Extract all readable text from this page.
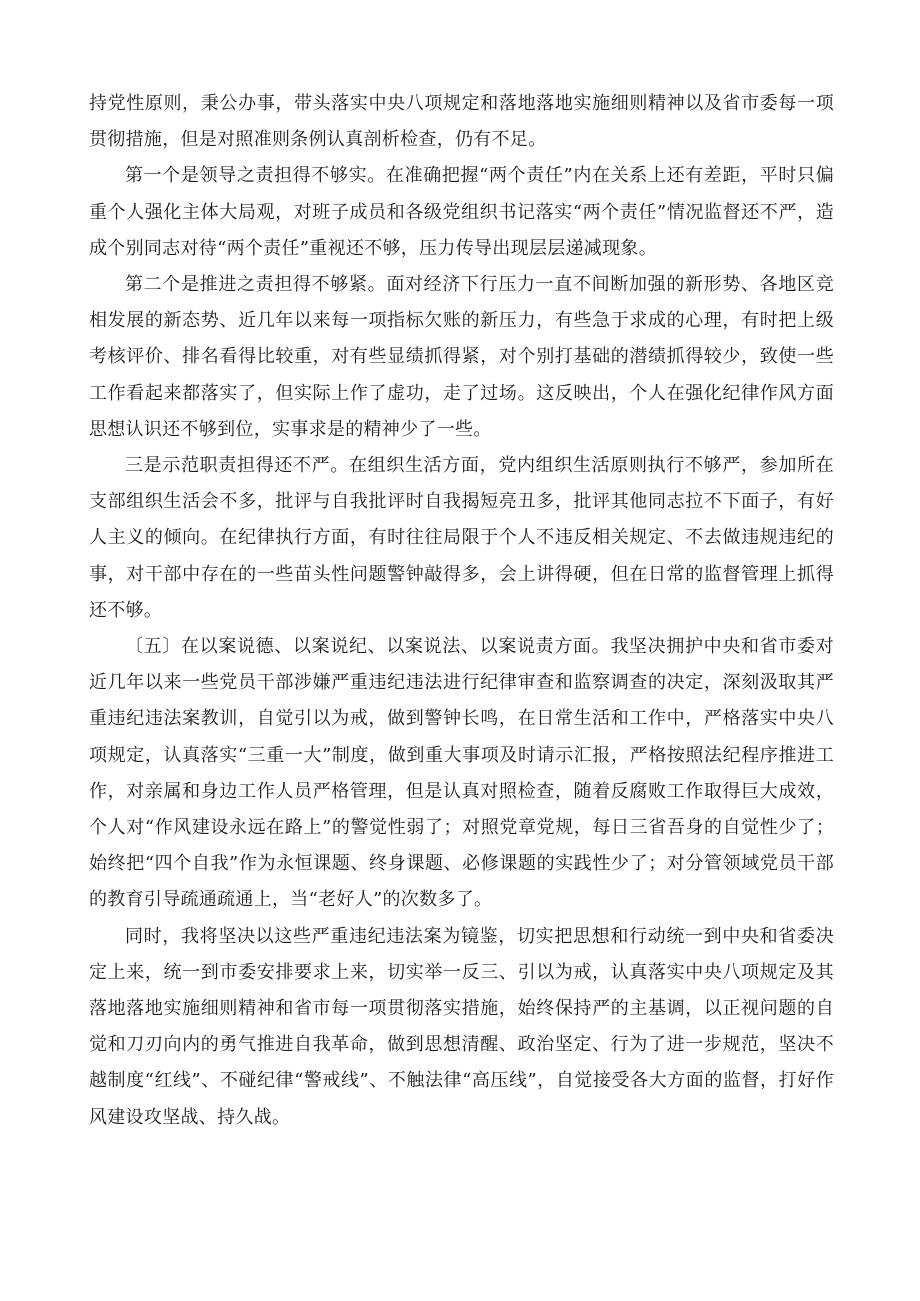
持党性原则，秉公办事，带头落实中央八项规定和落地落地实施细则精神以及省市委每一项贯彻措施，但是对照准则条例认真剖析检查，仍有不足。

第一个是领导之责担得不够实。在准确把握“两个责任”内在关系上还有差距，平时只偏重个人强化主体大局观，对班子成员和各级党组织书记落实“两个责任”情况监督还不严，造成个别同志对待“两个责任”重视还不够，压力传导出现层层递减现象。

第二个是推进之责担得不够紧。面对经济下行压力一直不间断加强的新形势、各地区竞相发展的新态势、近几年以来每一项指标欠账的新压力，有些急于求成的心理，有时把上级考核评价、排名看得比较重，对有些显绩抓得紧，对个别打基础的潜绩抓得较少，致使一些工作看起来都落实了，但实际上作了虚功，走了过场。这反映出，个人在强化纪律作风方面思想认识还不够到位，实事求是的精神少了一些。

三是示范职责担得还不严。在组织生活方面，党内组织生活原则执行不够严，参加所在支部组织生活会不多，批评与自我批评时自我揭短亮丑多，批评其他同志拉不下面子，有好人主义的倾向。在纪律执行方面，有时往往局限于个人不违反相关规定、不去做违规违纪的事，对干部中存在的一些苗头性问题警钟敲得多，会上讲得硬，但在日常的监督管理上抓得还不够。

〔五〕在以案说德、以案说纪、以案说法、以案说责方面。我坚决拥护中央和省市委对近几年以来一些党员干部涉嫌严重违纪违法进行纪律审查和监察调查的决定，深刻汲取其严重违纪违法案教训，自觉引以为戒，做到警钟长鸣，在日常生活和工作中，严格落实中央八项规定，认真落实“三重一大”制度，做到重大事项及时请示汇报，严格按照法纪程序推进工作，对亲属和身边工作人员严格管理，但是认真对照检查，随着反腐败工作取得巨大成效，个人对“作风建设永远在路上”的警觉性弱了；对照党章党规，每日三省吾身的自觉性少了；始终把“四个自我”作为永恒课题、终身课题、必修课题的实践性少了；对分管领域党员干部的教育引导疏通疏通上，当“老好人”的次数多了。

同时，我将坚决以这些严重违纪违法案为镜鉴，切实把思想和行动统一到中央和省委决定上来，统一到市委安排要求上来，切实举一反三、引以为戒，认真落实中央八项规定及其落地落地实施细则精神和省市每一项贯彻落实措施，始终保持严的主基调，以正视问题的自觉和刀刃向内的勇气推进自我革命，做到思想清醒、政治坚定、行为了进一步规范，坚决不越制度“红线”、不碰纪律“警戒线”、不触法律“高压线”，自觉接受各大方面的监督，打好作风建设攻坚战、持久战。
